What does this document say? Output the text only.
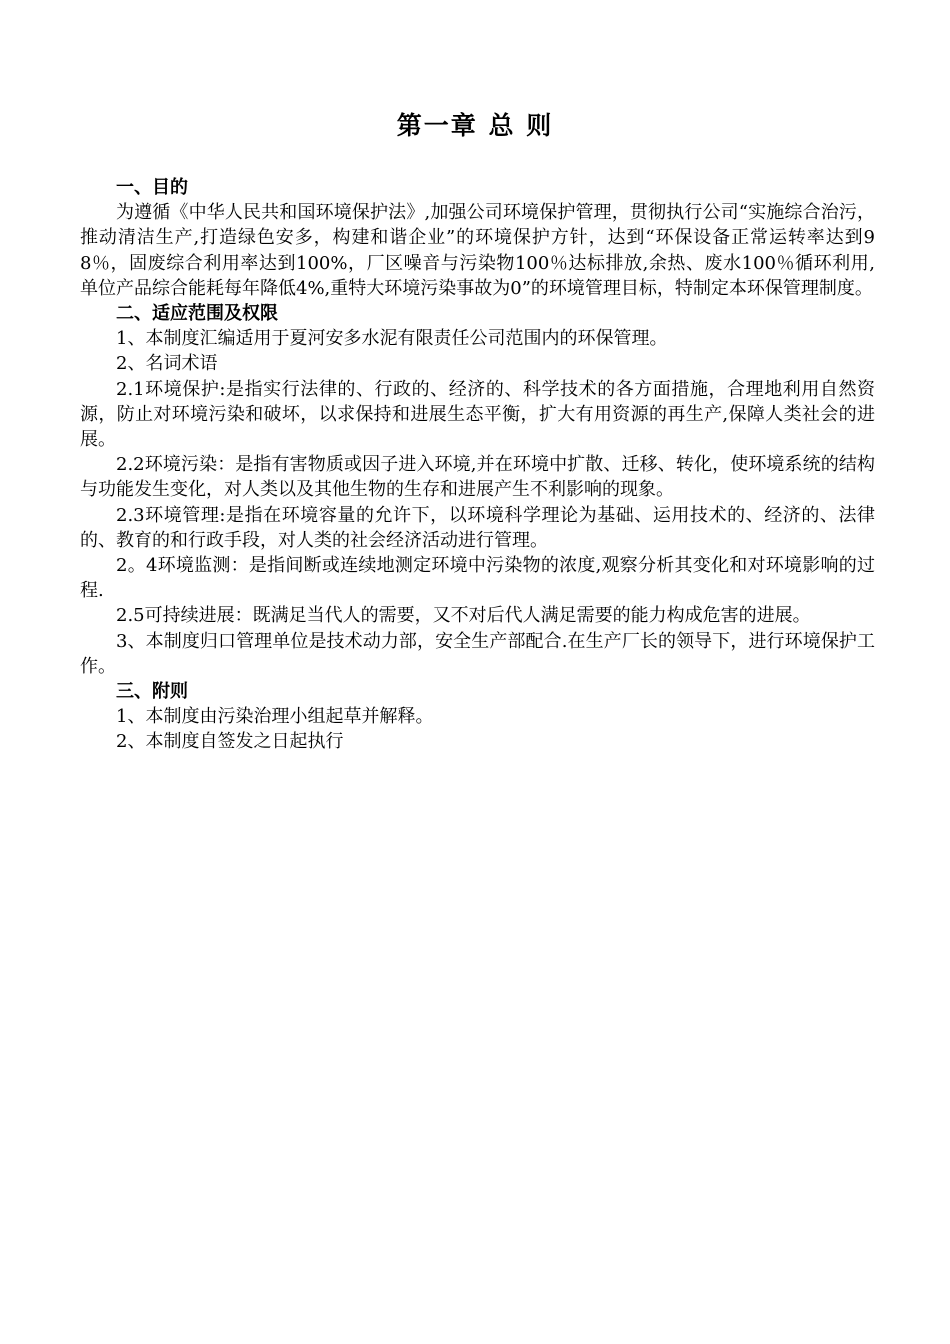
第一章 总 则
一、目的

为遵循《中华人民共和国环境保护法》,加强公司环境保护管理，贯彻执行公司“实施综合治污，推动清洁生产,打造绿色安多，构建和谐企业”的环境保护方针，达到“环保设备正常运转率达到98％，固废综合利用率达到100%，厂区噪音与污染物100％达标排放,余热、废水100％循环利用, 单位产品综合能耗每年降低4%,重特大环境污染事故为0”的环境管理目标，特制定本环保管理制度。

二、适应范围及权限

1、本制度汇编适用于夏河安多水泥有限责任公司范围内的环保管理。

2、名词术语

2.1环境保护:是指实行法律的、行政的、经济的、科学技术的各方面措施，合理地利用自然资源，防止对环境污染和破坏，以求保持和进展生态平衡，扩大有用资源的再生产,保障人类社会的进展。

2.2环境污染：是指有害物质或因子进入环境,并在环境中扩散、迁移、转化，使环境系统的结构与功能发生变化，对人类以及其他生物的生存和进展产生不利影响的现象。

2.3环境管理:是指在环境容量的允许下，以环境科学理论为基础、运用技术的、经济的、法律的、教育的和行政手段，对人类的社会经济活动进行管理。

2。4环境监测：是指间断或连续地测定环境中污染物的浓度,观察分析其变化和对环境影响的过程.

2.5可持续进展：既满足当代人的需要，又不对后代人满足需要的能力构成危害的进展。

3、本制度归口管理单位是技术动力部，安全生产部配合.在生产厂长的领导下，进行环境保护工作。

三、附则

1、本制度由污染治理小组起草并解释。

2、本制度自签发之日起执行
